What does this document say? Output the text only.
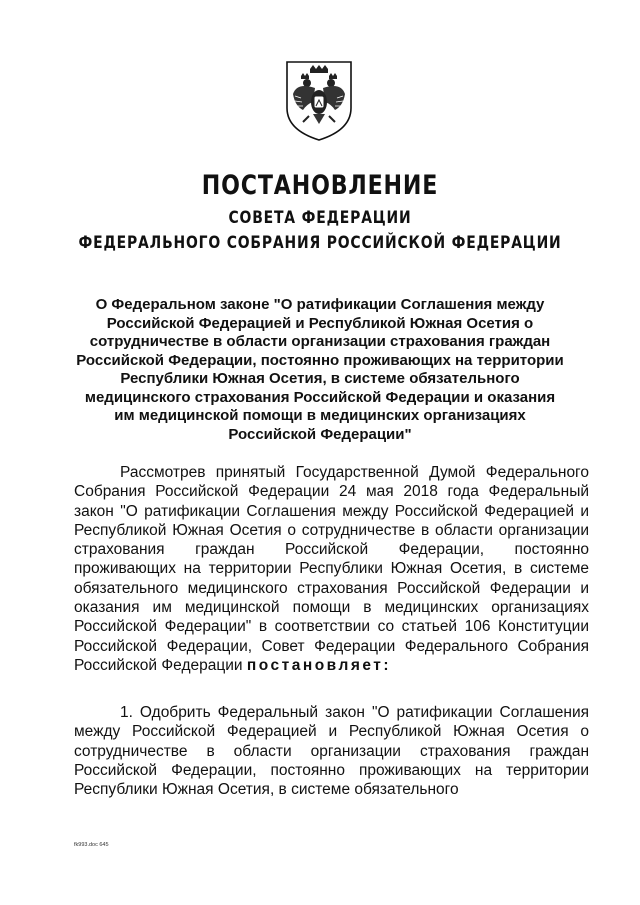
ПОСТАНОВЛЕНИЕ
СОВЕТА ФЕДЕРАЦИИ
ФЕДЕРАЛЬНОГО СОБРАНИЯ РОССИЙСКОЙ ФЕДЕРАЦИИ

О Федеральном законе "О ратификации Соглашения между Российской Федерацией и Республикой Южная Осетия о сотрудничестве в области организации страхования граждан Российской Федерации, постоянно проживающих на территории Республики Южная Осетия, в системе обязательного медицинского страхования Российской Федерации и оказания им медицинской помощи в медицинских организациях Российской Федерации"

Рассмотрев принятый Государственной Думой Федерального Собрания Российской Федерации 24 мая 2018 года Федеральный закон "О ратификации Соглашения между Российской Федерацией и Республикой Южная Осетия о сотрудничестве в области организации страхования граждан Российской Федерации, постоянно проживающих на территории Республики Южная Осетия, в системе обязательного медицинского страхования Российской Федерации и оказания им медицинской помощи в медицинских организациях Российской Федерации" в соответствии со статьей 106 Конституции Российской Федерации, Совет Федерации Федерального Собрания Российской Федерации постановляет:

1. Одобрить Федеральный закон "О ратификации Соглашения между Российской Федерацией и Республикой Южная Осетия о сотрудничестве в области организации страхования граждан Российской Федерации, постоянно проживающих на территории Республики Южная Осетия, в системе обязательного

fk993.doc 645
